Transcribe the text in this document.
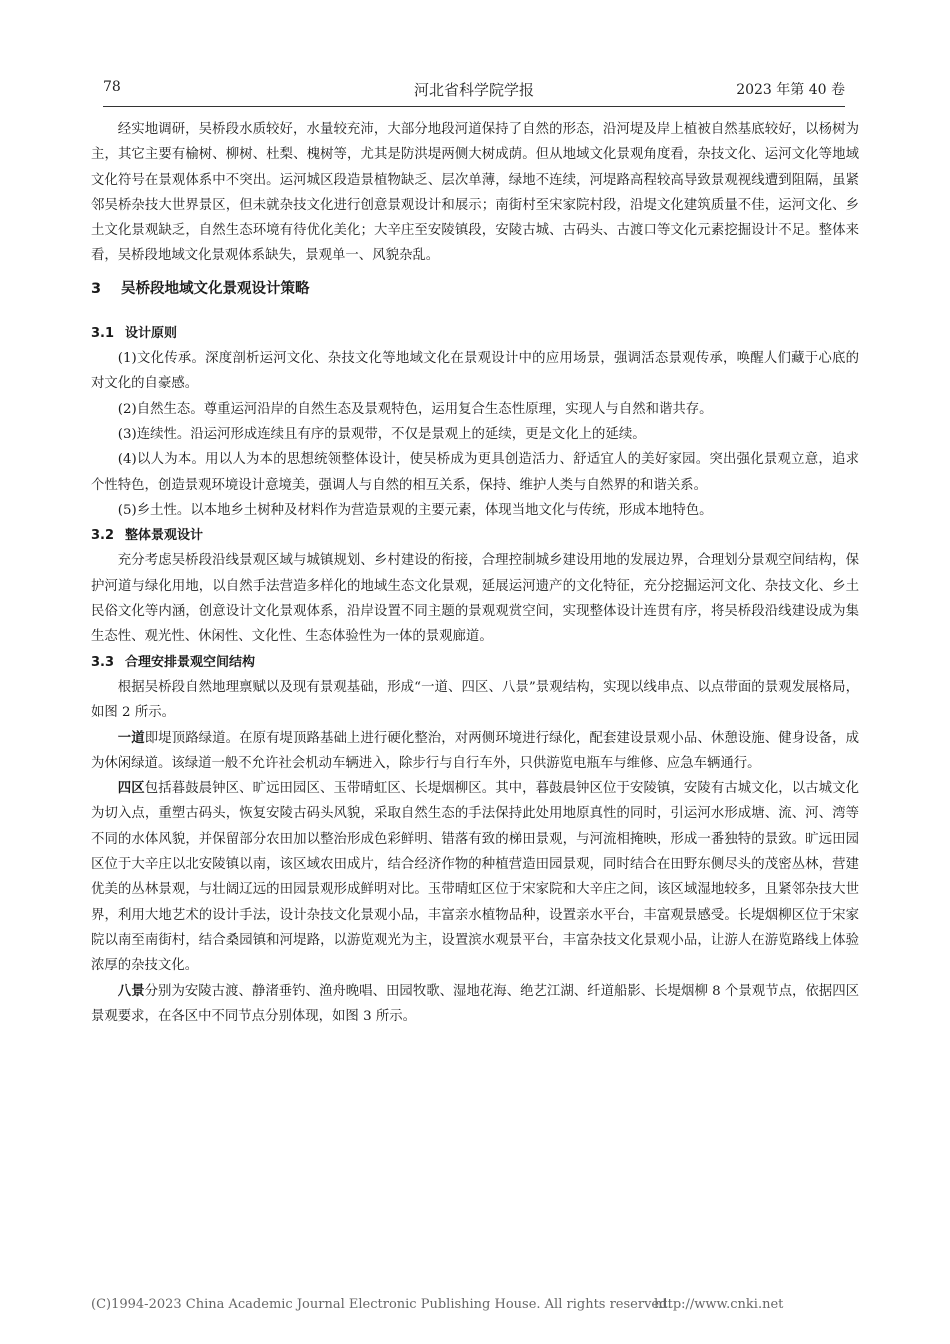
78	河北省科学院学报	2023 年第 40 卷

经实地调研，吴桥段水质较好，水量较充沛，大部分地段河道保持了自然的形态，沿河堤及岸上植被自然基底较好，以杨树为主，其它主要有榆树、柳树、杜梨、槐树等，尤其是防洪堤两侧大树成荫。但从地域文化景观角度看，杂技文化、运河文化等地域文化符号在景观体系中不突出。运河城区段造景植物缺乏、层次单薄，绿地不连续，河堤路高程较高导致景观视线遭到阻隔，虽紧邻吴桥杂技大世界景区，但未就杂技文化进行创意景观设计和展示；南街村至宋家院村段，沿堤文化建筑质量不佳，运河文化、乡土文化景观缺乏，自然生态环境有待优化美化；大辛庄至安陵镇段，安陵古城、古码头、古渡口等文化元素挖掘设计不足。整体来看，吴桥段地域文化景观体系缺失，景观单一、风貌杂乱。

3 吴桥段地域文化景观设计策略
3.1 设计原则

(1)文化传承。深度剖析运河文化、杂技文化等地域文化在景观设计中的应用场景，强调活态景观传承，唤醒人们藏于心底的对文化的自豪感。

(2)自然生态。尊重运河沿岸的自然生态及景观特色，运用复合生态性原理，实现人与自然和谐共存。

(3)连续性。沿运河形成连续且有序的景观带，不仅是景观上的延续，更是文化上的延续。

(4)以人为本。用以人为本的思想统领整体设计，使吴桥成为更具创造活力、舒适宜人的美好家园。突出强化景观立意，追求个性特色，创造景观环境设计意境美，强调人与自然的相互关系，保持、维护人类与自然界的和谐关系。

(5)乡土性。以本地乡土树种及材料作为营造景观的主要元素，体现当地文化与传统，形成本地特色。

3.2 整体景观设计

充分考虑吴桥段沿线景观区域与城镇规划、乡村建设的衔接，合理控制城乡建设用地的发展边界，合理划分景观空间结构，保护河道与绿化用地，以自然手法营造多样化的地域生态文化景观，延展运河遗产的文化特征，充分挖掘运河文化、杂技文化、乡土民俗文化等内涵，创意设计文化景观体系，沿岸设置不同主题的景观观赏空间，实现整体设计连贯有序，将吴桥段沿线建设成为集生态性、观光性、休闲性、文化性、生态体验性为一体的景观廊道。

3.3 合理安排景观空间结构

根据吴桥段自然地理禀赋以及现有景观基础，形成“一道、四区、八景”景观结构，实现以线串点、以点带面的景观发展格局，如图 2 所示。

一道即堤顶路绿道。在原有堤顶路基础上进行硬化整治，对两侧环境进行绿化，配套建设景观小品、休憩设施、健身设备，成为休闲绿道。该绿道一般不允许社会机动车辆进入，除步行与自行车外，只供游览电瓶车与维修、应急车辆通行。

四区包括暮鼓晨钟区、旷远田园区、玉带晴虹区、长堤烟柳区。其中，暮鼓晨钟区位于安陵镇，安陵有古城文化，以古城文化为切入点，重塑古码头，恢复安陵古码头风貌，采取自然生态的手法保持此处用地原真性的同时，引运河水形成塘、流、河、湾等不同的水体风貌，并保留部分农田加以整治形成色彩鲜明、错落有致的梯田景观，与河流相掩映，形成一番独特的景致。旷远田园区位于大辛庄以北安陵镇以南，该区域农田成片，结合经济作物的种植营造田园景观，同时结合在田野东侧尽头的茂密丛林，营建优美的丛林景观，与壮阔辽远的田园景观形成鲜明对比。玉带晴虹区位于宋家院和大辛庄之间，该区域湿地较多，且紧邻杂技大世界，利用大地艺术的设计手法，设计杂技文化景观小品，丰富亲水植物品种，设置亲水平台，丰富观景感受。长堤烟柳区位于宋家院以南至南街村，结合桑园镇和河堤路，以游览观光为主，设置滨水观景平台，丰富杂技文化景观小品，让游人在游览路线上体验浓厚的杂技文化。

八景分别为安陵古渡、静渚垂钓、渔舟晚唱、田园牧歌、湿地花海、绝艺江湖、纤道船影、长堤烟柳 8 个景观节点，依据四区景观要求，在各区中不同节点分别体现，如图 3 所示。

(C)1994-2023 China Academic Journal Electronic Publishing House. All rights reserved.
http://www.cnki.net
